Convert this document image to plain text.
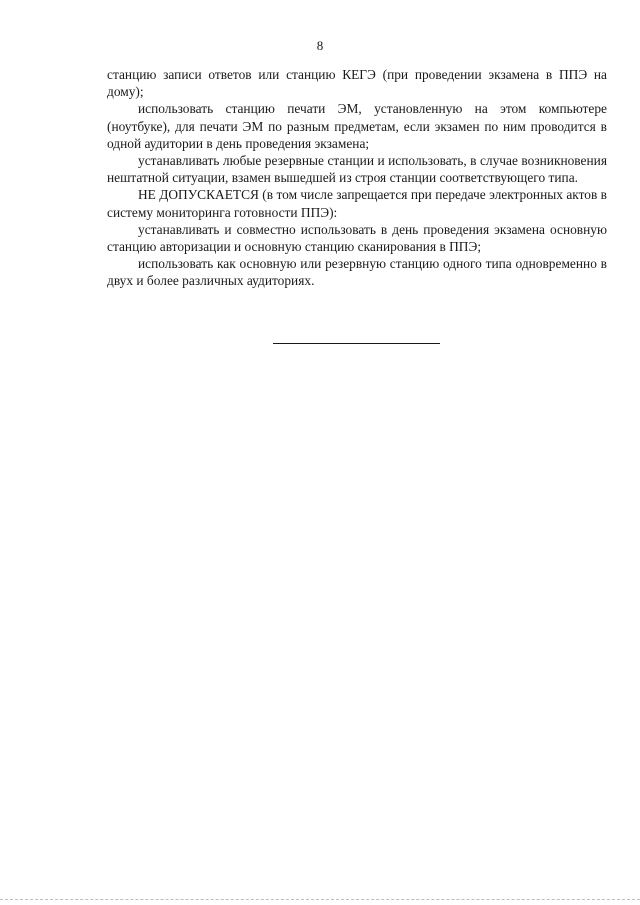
8

станцию записи ответов или станцию КЕГЭ (при проведении экзамена в ППЭ на дому);

использовать станцию печати ЭМ, установленную на этом компьютере (ноутбуке), для печати ЭМ по разным предметам, если экзамен по ним проводится в одной аудитории в день проведения экзамена;

устанавливать любые резервные станции и использовать, в случае возникновения нештатной ситуации, взамен вышедшей из строя станции соответствующего типа.

НЕ ДОПУСКАЕТСЯ (в том числе запрещается при передаче электронных актов в систему мониторинга готовности ППЭ):

устанавливать и совместно использовать в день проведения экзамена основную станцию авторизации и основную станцию сканирования в ППЭ;

использовать как основную или резервную станцию одного типа одновременно в двух и более различных аудиториях.
